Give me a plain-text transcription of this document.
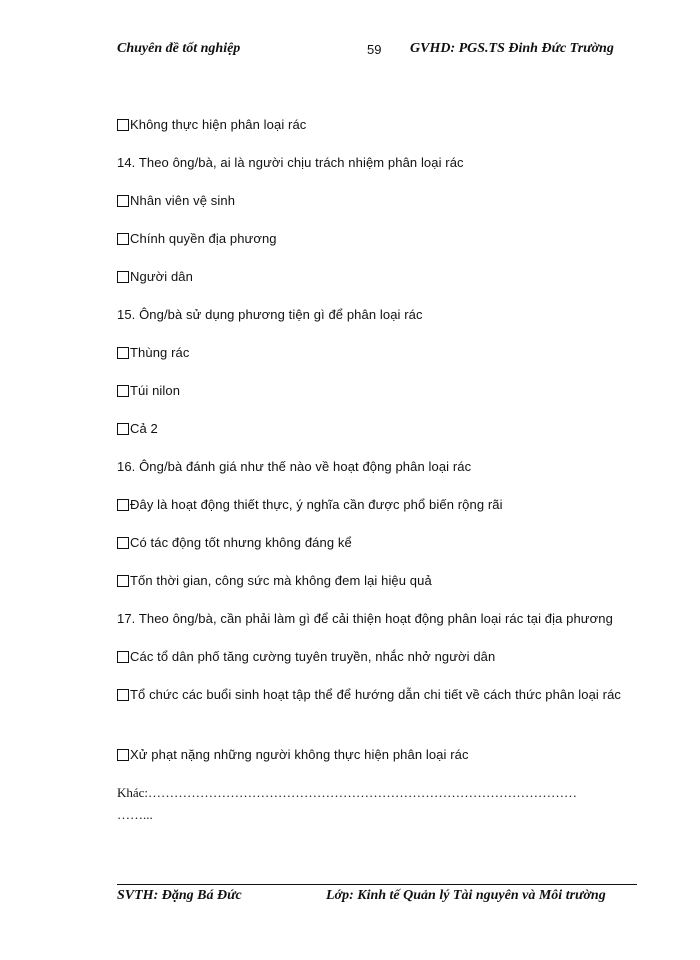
Chuyên đề tốt nghiệp	59 GVHD: PGS.TS Đinh Đức Trường
Không thực hiện phân loại rác
14. Theo ông/bà, ai là người chịu trách nhiệm phân loại rác
Nhân viên vệ sinh
Chính quyền địa phương
Người dân
15. Ông/bà sử dụng phương tiện gì để phân loại rác
Thùng rác
Túi nilon
Cả 2
16. Ông/bà đánh giá như thế nào về hoạt động phân loại rác
Đây là hoạt động thiết thực, ý nghĩa cần được phổ biến rộng rãi
Có tác động tốt nhưng không đáng kể
Tốn thời gian, công sức mà không đem lại hiệu quả
17. Theo ông/bà, cần phải làm gì để cải thiện hoạt động phân loại rác tại địa phương
Các tổ dân phố tăng cường tuyên truyền, nhắc nhở người dân
Tổ chức các buổi sinh hoạt tập thể để hướng dẫn chi tiết về cách thức phân loại rác
Xử phạt nặng những người không thực hiện phân loại rác
Khác:………………………………………………………………………………………
……...
SVTH: Đặng Bá Đức	Lớp: Kinh tế Quản lý Tài nguyên và Môi trường
